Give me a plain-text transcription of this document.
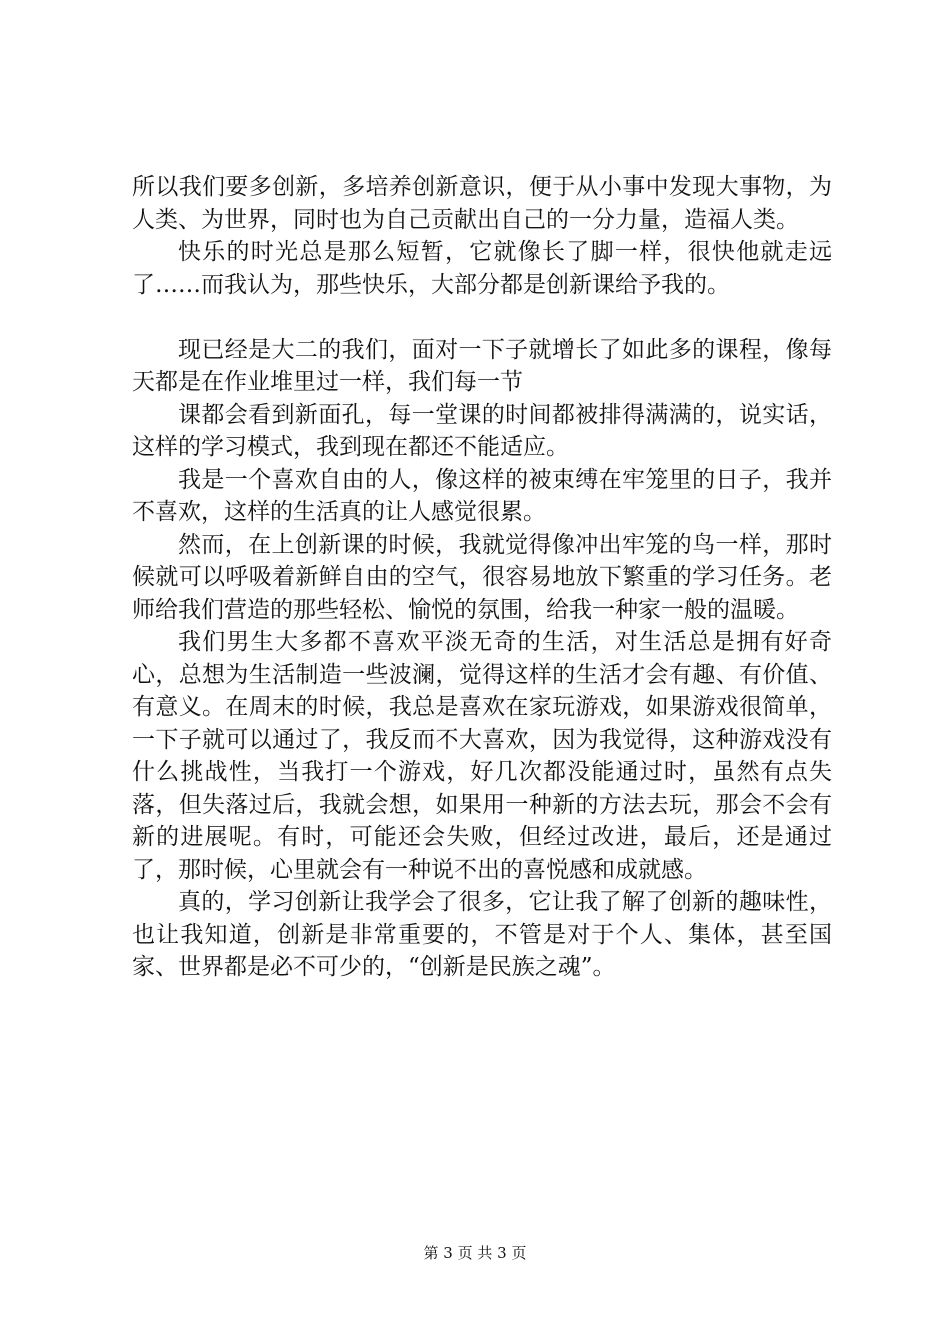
所以我们要多创新，多培养创新意识，便于从小事中发现大事物，为人类、为世界，同时也为自己贡献出自己的一分力量，造福人类。

快乐的时光总是那么短暂，它就像长了脚一样，很快他就走远了……而我认为，那些快乐，大部分都是创新课给予我的。

现已经是大二的我们，面对一下子就增长了如此多的课程，像每天都是在作业堆里过一样，我们每一节

课都会看到新面孔，每一堂课的时间都被排得满满的，说实话，这样的学习模式，我到现在都还不能适应。

我是一个喜欢自由的人，像这样的被束缚在牢笼里的日子，我并不喜欢，这样的生活真的让人感觉很累。

然而，在上创新课的时候，我就觉得像冲出牢笼的鸟一样，那时候就可以呼吸着新鲜自由的空气，很容易地放下繁重的学习任务。老师给我们营造的那些轻松、愉悦的氛围，给我一种家一般的温暖。

我们男生大多都不喜欢平淡无奇的生活，对生活总是拥有好奇心，总想为生活制造一些波澜，觉得这样的生活才会有趣、有价值、有意义。在周末的时候，我总是喜欢在家玩游戏，如果游戏很简单，一下子就可以通过了，我反而不大喜欢，因为我觉得，这种游戏没有什么挑战性，当我打一个游戏，好几次都没能通过时，虽然有点失落，但失落过后，我就会想，如果用一种新的方法去玩，那会不会有新的进展呢。有时，可能还会失败，但经过改进，最后，还是通过了，那时候，心里就会有一种说不出的喜悦感和成就感。

真的，学习创新让我学会了很多，它让我了解了创新的趣味性，也让我知道，创新是非常重要的，不管是对于个人、集体，甚至国家、世界都是必不可少的，“创新是民族之魂”。

第 3 页 共 3 页
